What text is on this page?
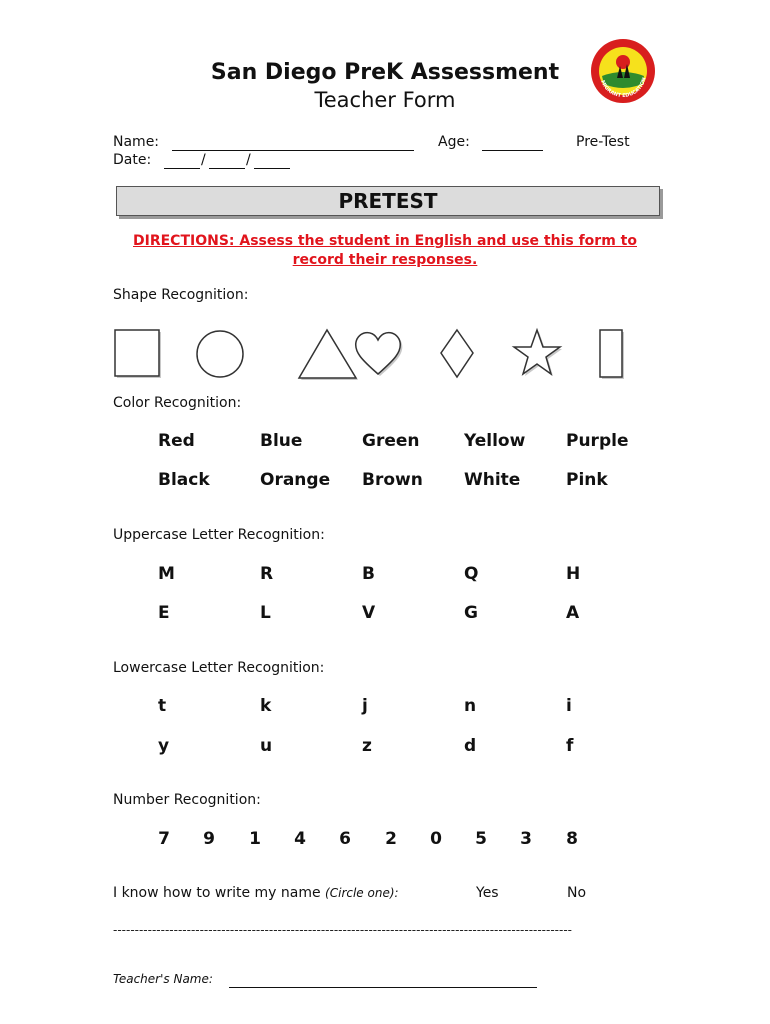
San Diego PreK Assessment
Teacher Form
MIGRANT EDUCATION
Name:	Age:	Pre-Test
Date:	/	/
PRETEST
DIRECTIONS: Assess the student in English and use this form to record their responses.
Shape Recognition:
Color Recognition:
Red	Blue	Green	Yellow Purple
Black	Orange Brown White	Pink
Uppercase Letter Recognition:
M	R	B	Q	H
E	L	V	G	A
Lowercase Letter Recognition:
t	k	j	n	i
y	u	z	d	f
Number Recognition:
7 9 1 4 6 2 0 5 3 8
I know how to write my name (Circle one):	Yes	No
----------------------------------------------------------------------------------------------------------
Teacher's Name:
